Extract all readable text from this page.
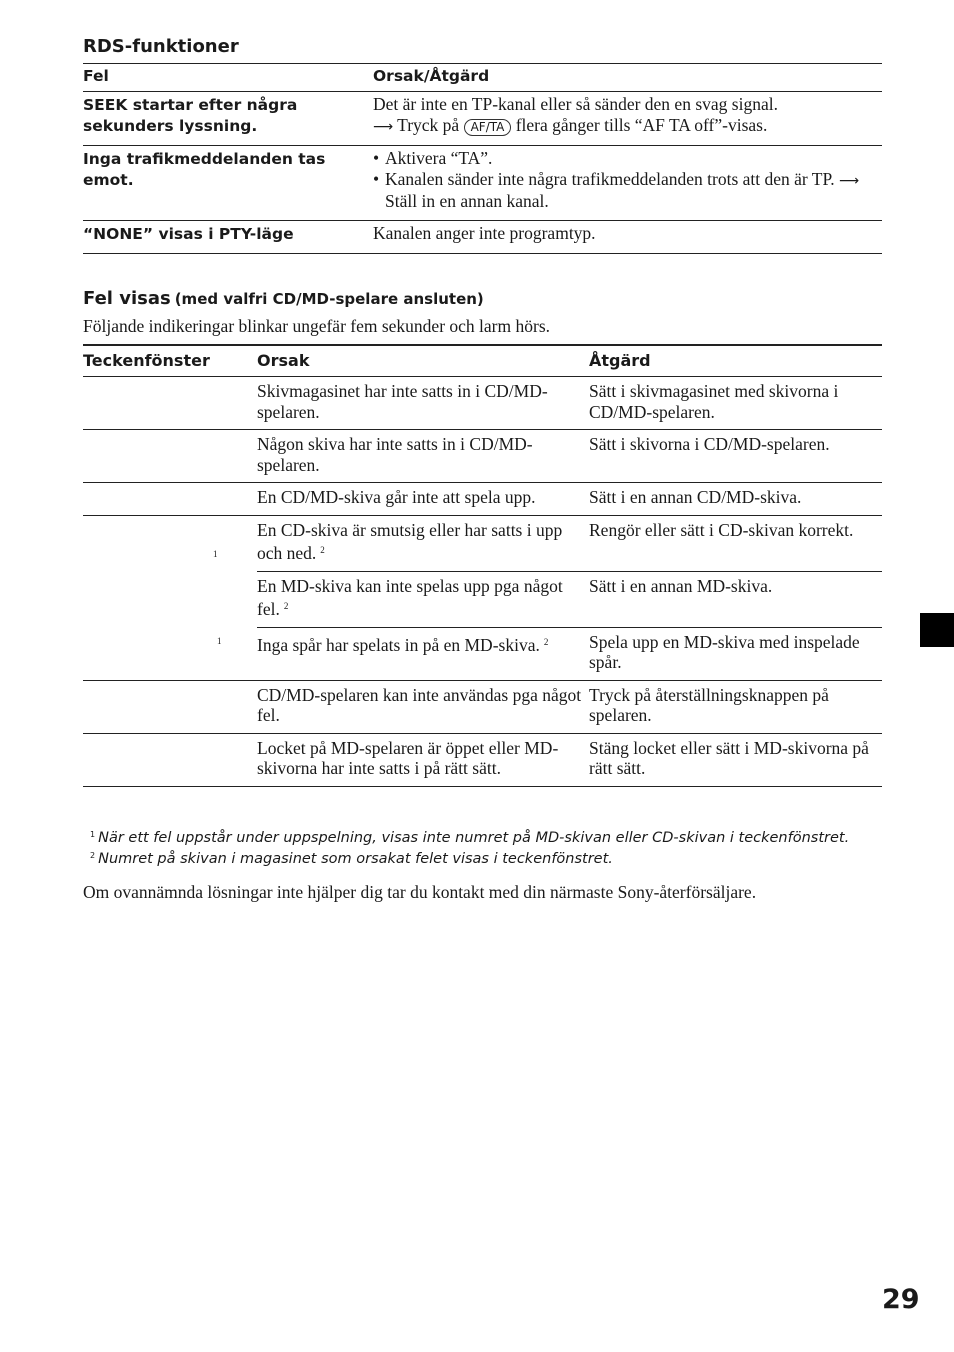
RDS-funktioner
Fel	Orsak/Åtgärd
SEEK startar efter några sekunders lyssning.	Det är inte en TP-kanal eller så sänder den en svag signal.
⟶ Tryck på AF/TA flera gånger tills “AF TA off”-visas.

Inga trafikmeddelanden tas emot.	• Aktivera “TA”.
• Kanalen sänder inte några trafikmeddelanden trots att den är TP. ⟶ Ställ in en annan kanal.

“NONE” visas i PTY-läge	Kanalen anger inte programtyp.
Fel visas (med valfri CD/MD-spelare ansluten)
Följande indikeringar blinkar ungefär fem sekunder och larm hörs.
Teckenfönster	Orsak	Åtgärd
	Skivmagasinet har inte satts in i CD/MD-spelaren.	Sätt i skivmagasinet med skivorna i CD/MD-spelaren.
	Någon skiva har inte satts in i CD/MD-spelaren.	Sätt i skivorna i CD/MD-spelaren.
	En CD/MD-skiva går inte att spela upp.	Sätt i en annan CD/MD-skiva.

1	En CD-skiva är smutsig eller har satts i upp och ned. $^2$	Rengör eller sätt i CD-skivan korrekt.
	En MD-skiva kan inte spelas upp pga något fel. $^2$	Sätt i en annan MD-skiva.

1	Inga spår har spelats in på en MD-skiva. $^2$	Spela upp en MD-skiva med inspelade spår.
	CD/MD-spelaren kan inte användas pga något fel.	Tryck på återställningsknappen på spelaren.
	Locket på MD-spelaren är öppet eller MD-skivorna har inte satts i på rätt sätt.	Stäng locket eller sätt i MD-skivorna på rätt sätt.
$^1$ När ett fel uppstår under uppspelning, visas inte numret på MD-skivan eller CD-skivan i teckenfönstret.
$^2$ Numret på skivan i magasinet som orsakat felet visas i teckenfönstret.
Om ovannämnda lösningar inte hjälper dig tar du kontakt med din närmaste Sony-återförsäljare.
29
